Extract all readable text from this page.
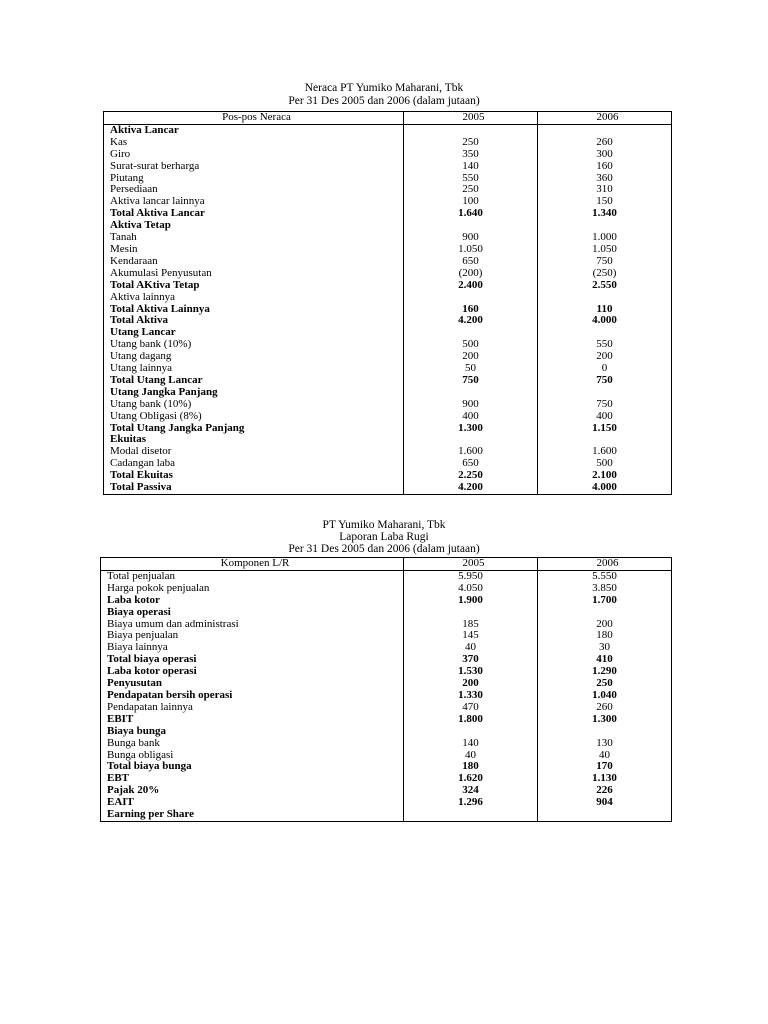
Neraca PT Yumiko Maharani, Tbk

Per 31 Des 2005 dan 2006 (dalam jutaan)

Pos-pos Neraca	2005	2006
Aktiva Lancar		
Kas	250	260
Giro	350	300
Surat-surat berharga	140	160
Piutang	550	360
Persediaan	250	310
Aktiva lancar lainnya	100	150
Total Aktiva Lancar	1.640	1.340
Aktiva Tetap		
Tanah	900	1.000
Mesin	1.050	1.050
Kendaraan	650	750
Akumulasi Penyusutan	(200)	(250)
Total AKtiva Tetap	2.400	2.550
Aktiva lainnya		
Total Aktiva Lainnya	160	110
Total Aktiva	4.200	4.000
Utang Lancar		
Utang bank (10%)	500	550
Utang dagang	200	200
Utang lainnya	50	0
Total Utang Lancar	750	750
Utang Jangka Panjang		
Utang bank (10%)	900	750
Utang Obligasi (8%)	400	400
Total Utang Jangka Panjang	1.300	1.150
Ekuitas		
Modal disetor	1.600	1.600
Cadangan laba	650	500
Total Ekuitas	2.250	2.100
Total Passiva	4.200	4.000

PT Yumiko Maharani, Tbk

Laporan Laba Rugi

Per 31 Des 2005 dan 2006 (dalam jutaan)

Komponen L/R	2005	2006
Total penjualan	5.950	5.550
Harga pokok penjualan	4.050	3.850
Laba kotor	1.900	1.700
Biaya operasi		
Biaya umum dan administrasi	185	200
Biaya penjualan	145	180
Biaya lainnya	40	30
Total biaya operasi	370	410
Laba kotor operasi	1.530	1.290
Penyusutan	200	250
Pendapatan bersih operasi	1.330	1.040
Pendapatan lainnya	470	260
EBIT	1.800	1.300
Biaya bunga		
Bunga bank	140	130
Bunga obligasi	40	40
Total biaya bunga	180	170
EBT	1.620	1.130
Pajak 20%	324	226
EAIT	1.296	904
Earning per Share		
